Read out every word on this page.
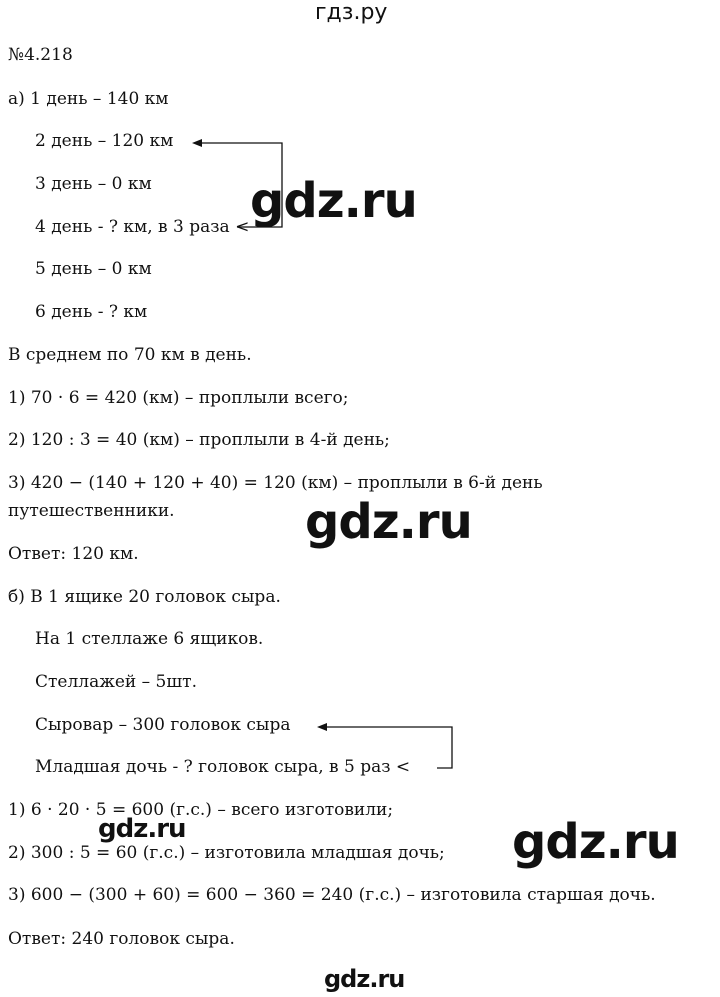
гдз.ру
№4.218
а) 1 день – 140 км
2 день – 120 км
3 день – 0 км
4 день - ? км, в 3 раза <
5 день – 0 км
6 день - ? км
В среднем по 70 км в день.
1) 70 · 6 = 420 (км) – проплыли всего;
2) 120 : 3 = 40 (км) – проплыли в 4-й день;
3) 420 − (140 + 120 + 40) = 120 (км) – проплыли в 6-й день
путешественники.
Ответ: 120 км.
б) В 1 ящике 20 головок сыра.
На 1 стеллаже 6 ящиков.
Стеллажей – 5шт.
Сыровар – 300 головок сыра
Младшая дочь - ? головок сыра, в 5 раз <
1) 6 · 20 · 5 = 600 (г.с.) – всего изготовили;
2) 300 : 5 = 60 (г.с.) – изготовила младшая дочь;
3) 600 − (300 + 60) = 600 − 360 = 240 (г.с.) – изготовила старшая дочь.
Ответ: 240 головок сыра.
gdz.ru
gdz.ru
gdz.ru	gdz.ru
gdz.ru
